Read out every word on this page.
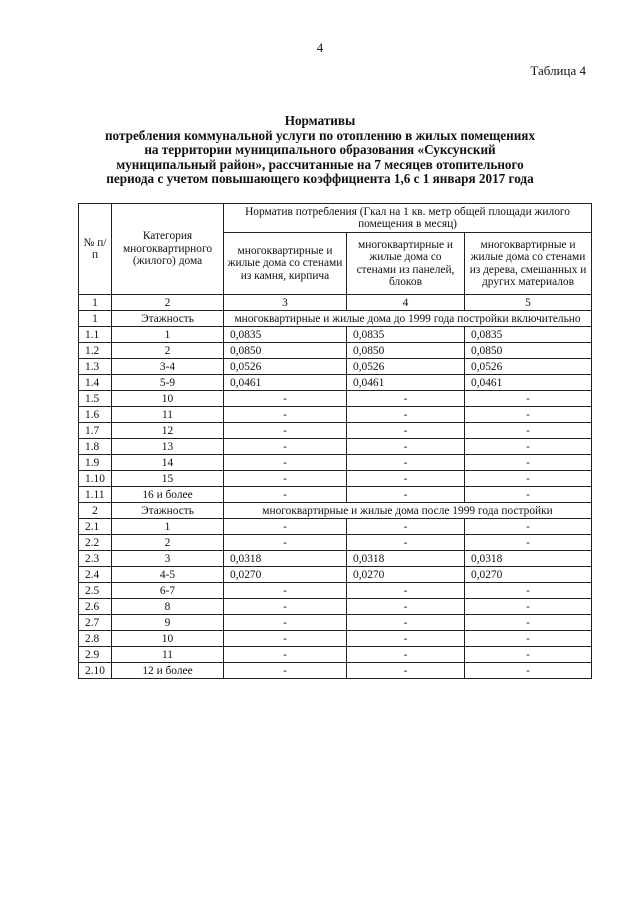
4
Таблица 4
Нормативы
потребления коммунальной услуги по отоплению в жилых помещениях
на территории муниципального образования «Суксунский
муниципальный район», рассчитанные на 7 месяцев отопительного
периода с учетом повышающего коэффициента 1,6 с 1 января 2017 года
№ п/п	Категория многоквартирного (жилого) дома	Норматив потребления (Гкал на 1 кв. метр общей площади жилого помещения в месяц)		
		многоквартирные и жилые дома со стенами из камня, кирпича	многоквартирные и жилые дома со стенами из панелей, блоков	многоквартирные и жилые дома со стенами из дерева, смешанных и других материалов
1	2	3	4	5
1	Этажность	многоквартирные и жилые дома до 1999 года постройки включительно		
1.1	1	0,0835	0,0835	0,0835
1.2	2	0,0850	0,0850	0,0850
1.3	3-4	0,0526	0,0526	0,0526
1.4	5-9	0,0461	0,0461	0,0461
1.5	10	-	-	-
1.6	11	-	-	-
1.7	12	-	-	-
1.8	13	-	-	-
1.9	14	-	-	-
1.10	15	-	-	-
1.11	16 и более	-	-	-
2	Этажность	многоквартирные и жилые дома после 1999 года постройки		
2.1	1	-	-	-
2.2	2	-	-	-
2.3	3	0,0318	0,0318	0,0318
2.4	4-5	0,0270	0,0270	0,0270
2.5	6-7	-	-	-
2.6	8	-	-	-
2.7	9	-	-	-
2.8	10	-	-	-
2.9	11	-	-	-
2.10	12 и более	-	-	-
